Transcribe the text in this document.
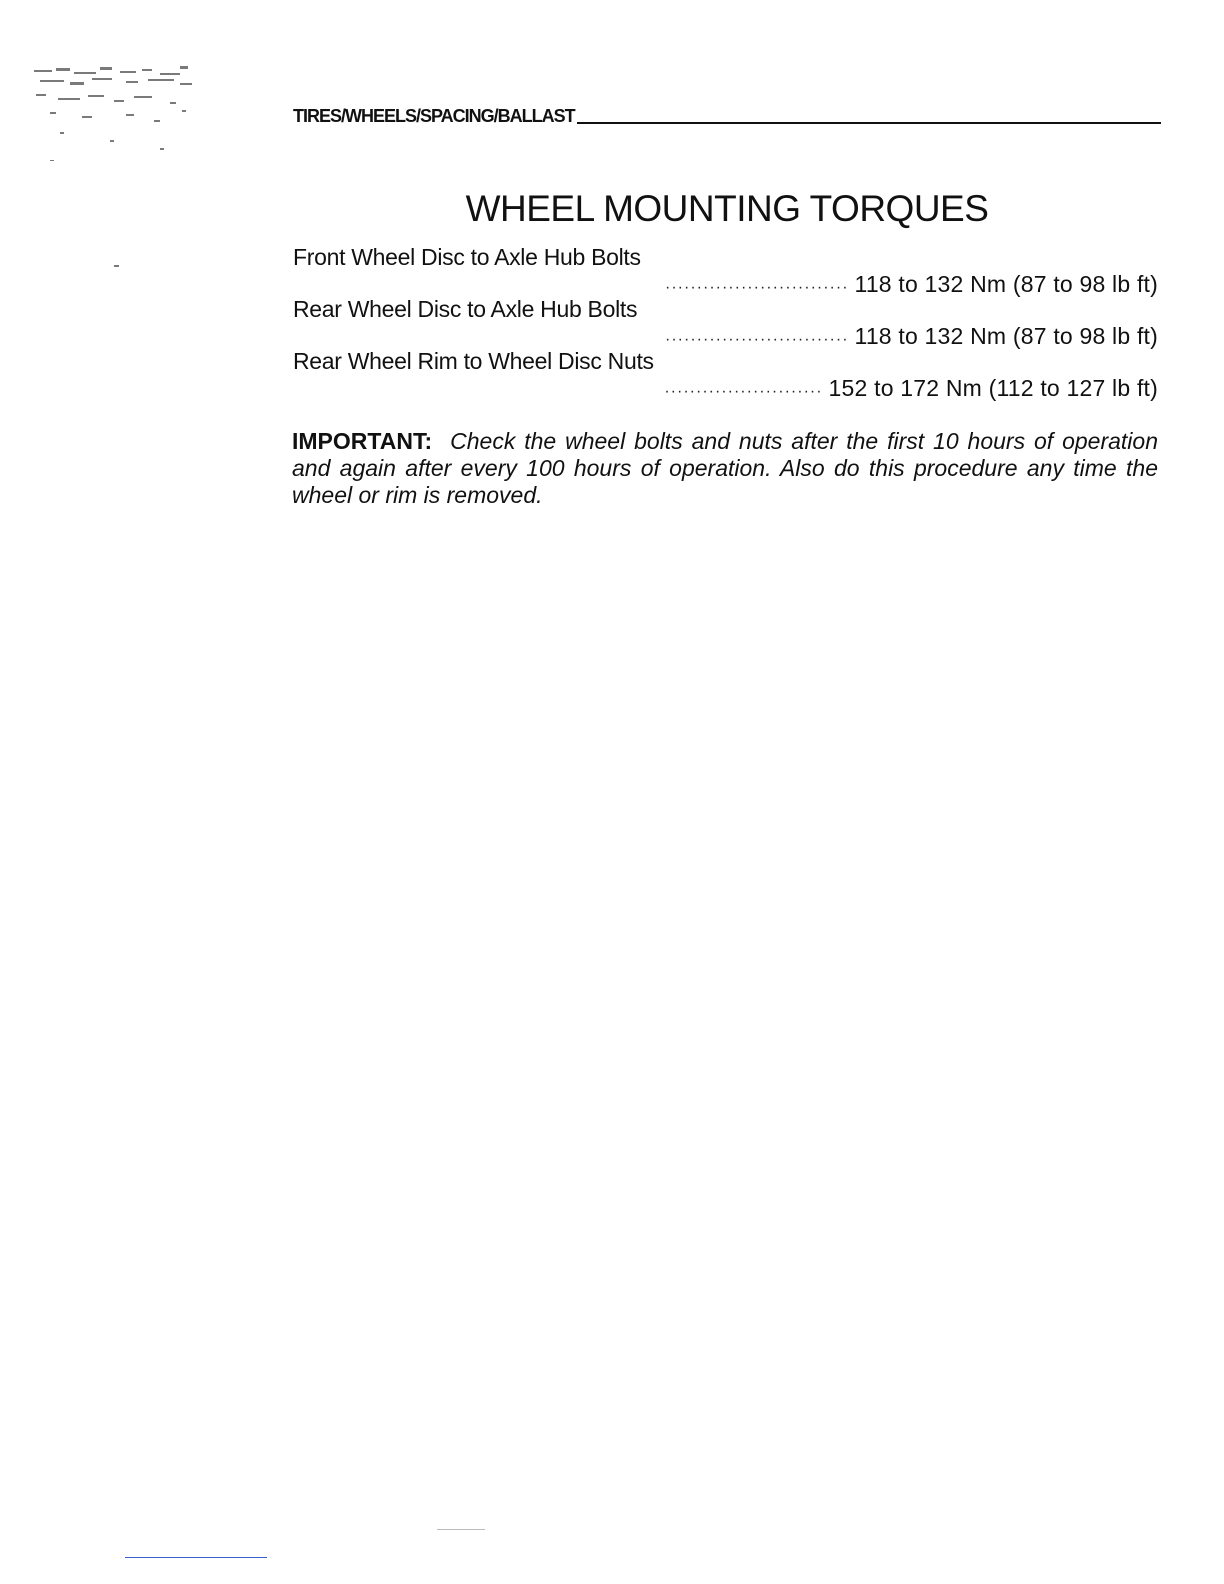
TIRES/WHEELS/SPACING/BALLAST
WHEEL MOUNTING TORQUES
Front Wheel Disc to Axle Hub Bolts
····························· 118 to 132 Nm (87 to 98 lb ft)
Rear Wheel Disc to Axle Hub Bolts
····························· 118 to 132 Nm (87 to 98 lb ft)
Rear Wheel Rim to Wheel Disc Nuts
························· 152 to 172 Nm (112 to 127 lb ft)
IMPORTANT: Check the wheel bolts and nuts after the first 10 hours of operation and again after every 100 hours of operation. Also do this procedure any time the wheel or rim is removed.
